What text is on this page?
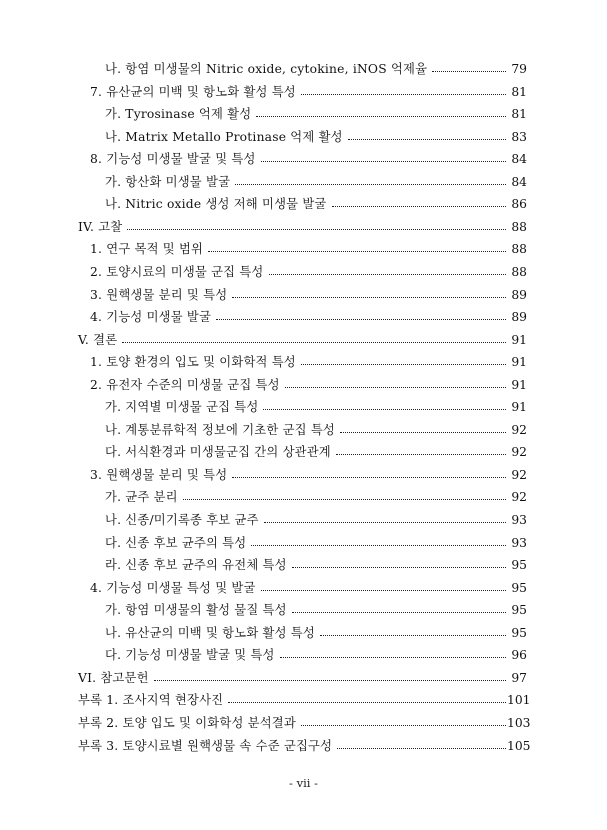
나. 항염 미생물의 Nitric oxide, cytokine, iNOS 억제율	79
7. 유산균의 미백 및 항노화 활성 특성	81
가. Tyrosinase 억제 활성	81
나. Matrix Metallo Protinase 억제 활성	83
8. 기능성 미생물 발굴 및 특성	84
가. 항산화 미생물 발굴	84
나. Nitric oxide 생성 저해 미생물 발굴	86
IV. 고찰	88
1. 연구 목적 및 범위	88
2. 토양시료의 미생물 군집 특성	88
3. 원핵생물 분리 및 특성	89
4. 기능성 미생물 발굴	89
V. 결론	91
1. 토양 환경의 입도 및 이화학적 특성	91
2. 유전자 수준의 미생물 군집 특성	91
가. 지역별 미생물 군집 특성	91
나. 계통분류학적 정보에 기초한 군집 특성	92
다. 서식환경과 미생물군집 간의 상관관계	92
3. 원핵생물 분리 및 특성	92
가. 균주 분리	92
나. 신종/미기록종 후보 균주	93
다. 신종 후보 균주의 특성	93
라. 신종 후보 균주의 유전체 특성	95
4. 기능성 미생물 특성 및 발굴	95
가. 항염 미생물의 활성 물질 특성	95
나. 유산균의 미백 및 항노화 활성 특성	95
다. 기능성 미생물 발굴 및 특성	96
VI. 참고문헌	97
부록 1. 조사지역 현장사진	101
부록 2. 토양 입도 및 이화학성 분석결과	103
부록 3. 토양시료별 원핵생물 속 수준 군집구성	105
- vii -
